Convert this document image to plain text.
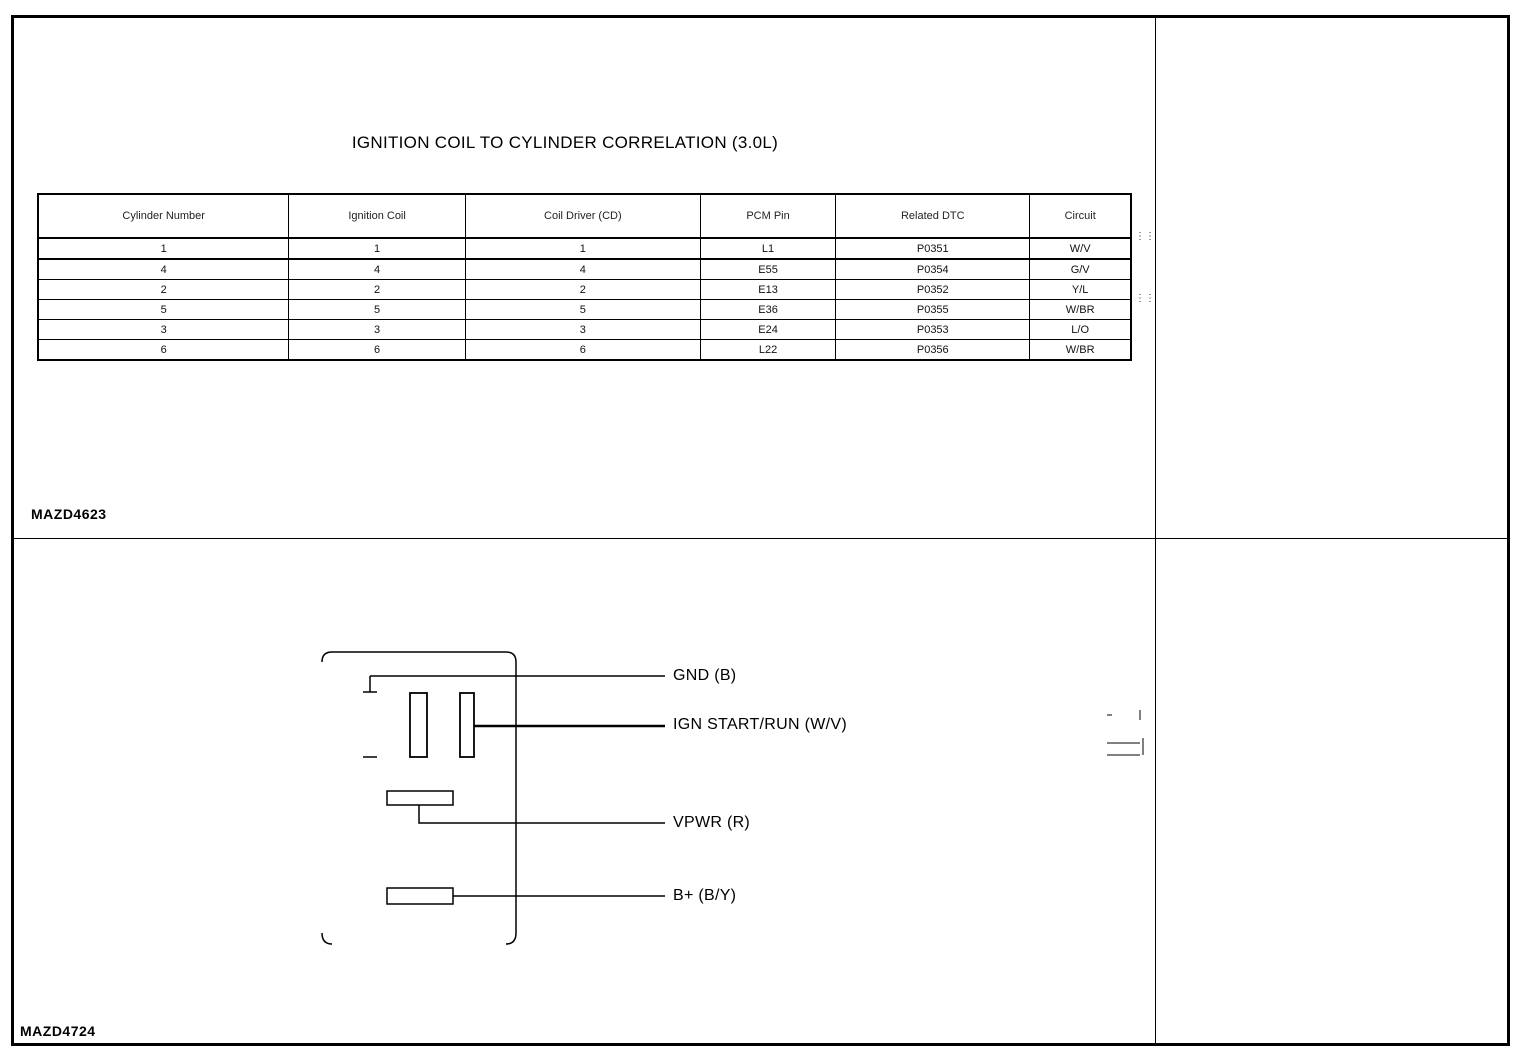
IGNITION COIL TO CYLINDER CORRELATION (3.0L)
Cylinder Number	Ignition Coil	Coil Driver (CD)	PCM Pin	Related DTC	Circuit
1	1	1	L1	P0351	W/V
4	4	4	E55	P0354	G/V
2	2	2	E13	P0352	Y/L
5	5	5	E36	P0355	W/BR
3	3	3	E24	P0353	L/O
6	6	6	L22	P0356	W/BR
⋮⋮
⋮⋮
MAZD4623
GND (B)
IGN START/RUN (W/V)
VPWR (R)
B+ (B/Y)
MAZD4724
